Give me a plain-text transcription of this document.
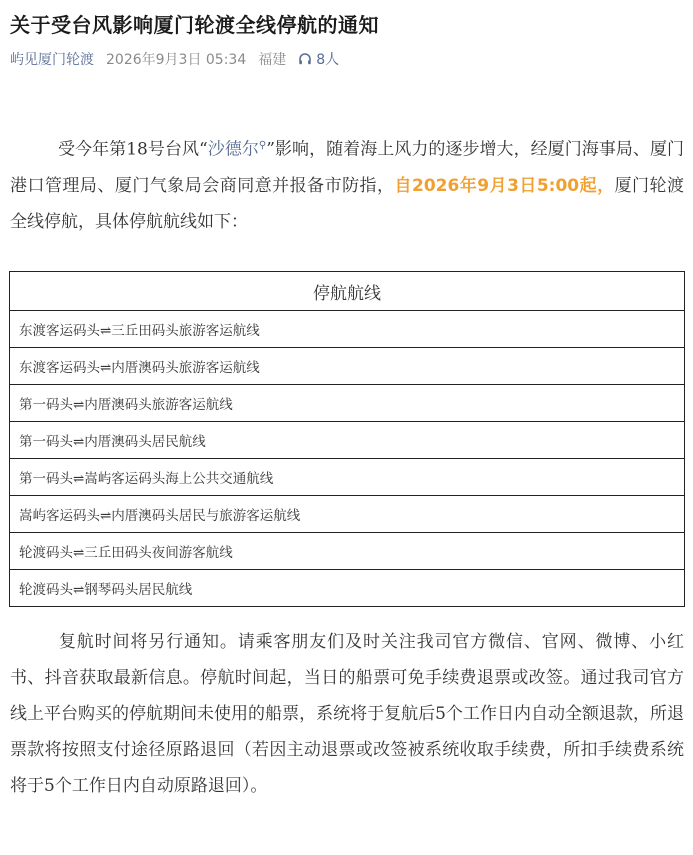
关于受台风影响厦门轮渡全线停航的通知
屿见厦门轮渡 2026年9月3日 05:34 福建 8人

受今年第18号台风“沙德尔⚲”影响，随着海上风力的逐步增大，经厦门海事局、厦门港口管理局、厦门气象局会商同意并报备市防指，自2026年9月3日5:00起，厦门轮渡全线停航，具体停航航线如下：

停航航线
东渡客运码头⇌三丘田码头旅游客运航线
东渡客运码头⇌内厝澳码头旅游客运航线
第一码头⇌内厝澳码头旅游客运航线
第一码头⇌内厝澳码头居民航线
第一码头⇌嵩屿客运码头海上公共交通航线
嵩屿客运码头⇌内厝澳码头居民与旅游客运航线
轮渡码头⇌三丘田码头夜间游客航线
轮渡码头⇌钢琴码头居民航线

复航时间将另行通知。请乘客朋友们及时关注我司官方微信、官网、微博、小红书、抖音获取最新信息。停航时间起，当日的船票可免手续费退票或改签。通过我司官方线上平台购买的停航期间未使用的船票，系统将于复航后5个工作日内自动全额退款，所退票款将按照支付途径原路退回（若因主动退票或改签被系统收取手续费，所扣手续费系统将于5个工作日内自动原路退回）。
